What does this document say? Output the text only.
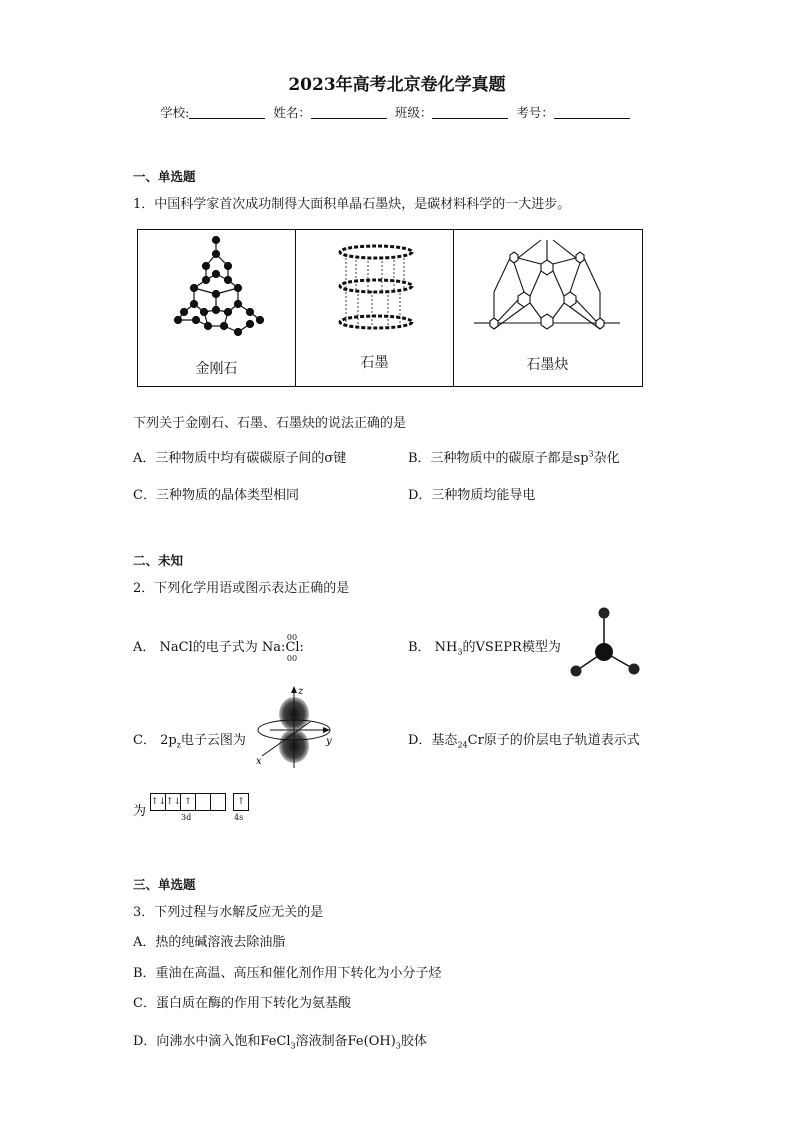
2023年高考北京卷化学真题
学校:	姓名：	班级：	考号：
一、单选题
1．中国科学家首次成功制得大面积单晶石墨炔，是碳材料科学的一大进步。
金刚石	石墨	石墨炔
下列关于金刚石、石墨、石墨炔的说法正确的是
A．三种物质中均有碳碳原子间的σ键	B．三种物质中的碳原子都是$sp^3$杂化
C．三种物质的晶体类型相同	D．三种物质均能导电
二、未知
2．下列化学用语或图示表达正确的是
A． NaCl的电子式为 Na:Cl:
00
00
B． $NH_3$的VSEPR模型为
C． $2p_z$电子云图为
z
y
x
D．基态$_{24}$Cr原子的价层电子轨道表示式
为
↑↓ ↑↓ ↑	↑
3d	4s
三、单选题
3．下列过程与水解反应无关的是
A．热的纯碱溶液去除油脂
B．重油在高温、高压和催化剂作用下转化为小分子烃
C．蛋白质在酶的作用下转化为氨基酸
D．向沸水中滴入饱和FeCl$_3$溶液制备$Fe(OH)_3$胶体
